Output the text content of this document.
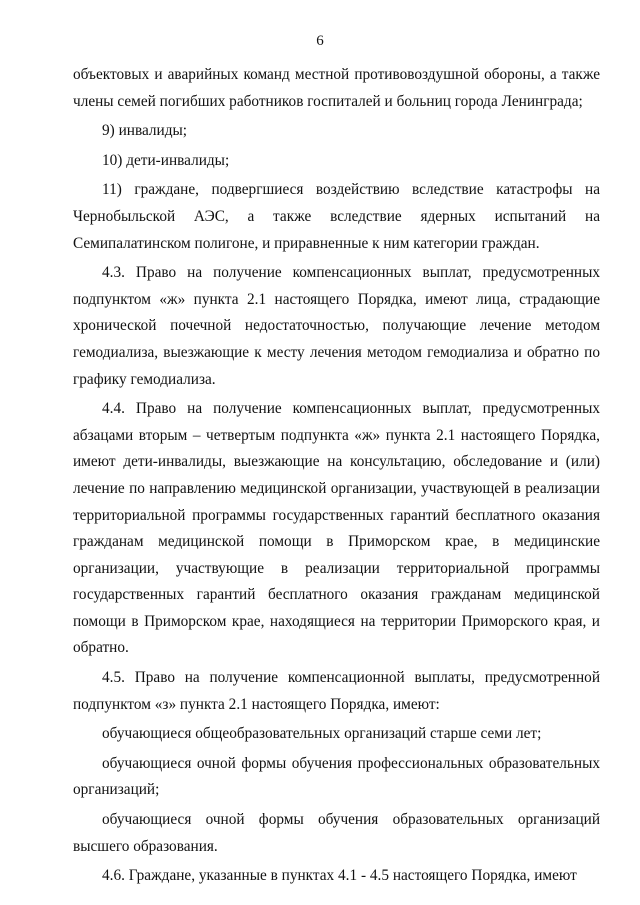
6

объектовых и аварийных команд местной противовоздушной обороны, а также члены семей погибших работников госпиталей и больниц города Ленинграда;

9) инвалиды;

10) дети-инвалиды;

11) граждане, подвергшиеся воздействию вследствие катастрофы на Чернобыльской АЭС, а также вследствие ядерных испытаний на Семипалатинском полигоне, и приравненные к ним категории граждан.

4.3. Право на получение компенсационных выплат, предусмотренных подпунктом «ж» пункта 2.1 настоящего Порядка, имеют лица, страдающие хронической почечной недостаточностью, получающие лечение методом гемодиализа, выезжающие к месту лечения методом гемодиализа и обратно по графику гемодиализа.

4.4. Право на получение компенсационных выплат, предусмотренных абзацами вторым – четвертым подпункта «ж» пункта 2.1 настоящего Порядка, имеют дети-инвалиды, выезжающие на консультацию, обследование и (или) лечение по направлению медицинской организации, участвующей в реализации территориальной программы государственных гарантий бесплатного оказания гражданам медицинской помощи в Приморском крае, в медицинские организации, участвующие в реализации территориальной программы государственных гарантий бесплатного оказания гражданам медицинской помощи в Приморском крае, находящиеся на территории Приморского края, и обратно.

4.5. Право на получение компенсационной выплаты, предусмотренной подпунктом «з» пункта 2.1 настоящего Порядка, имеют:

обучающиеся общеобразовательных организаций старше семи лет;

обучающиеся очной формы обучения профессиональных образовательных организаций;

обучающиеся очной формы обучения образовательных организаций высшего образования.

4.6. Граждане, указанные в пунктах 4.1 - 4.5 настоящего Порядка, имеют
